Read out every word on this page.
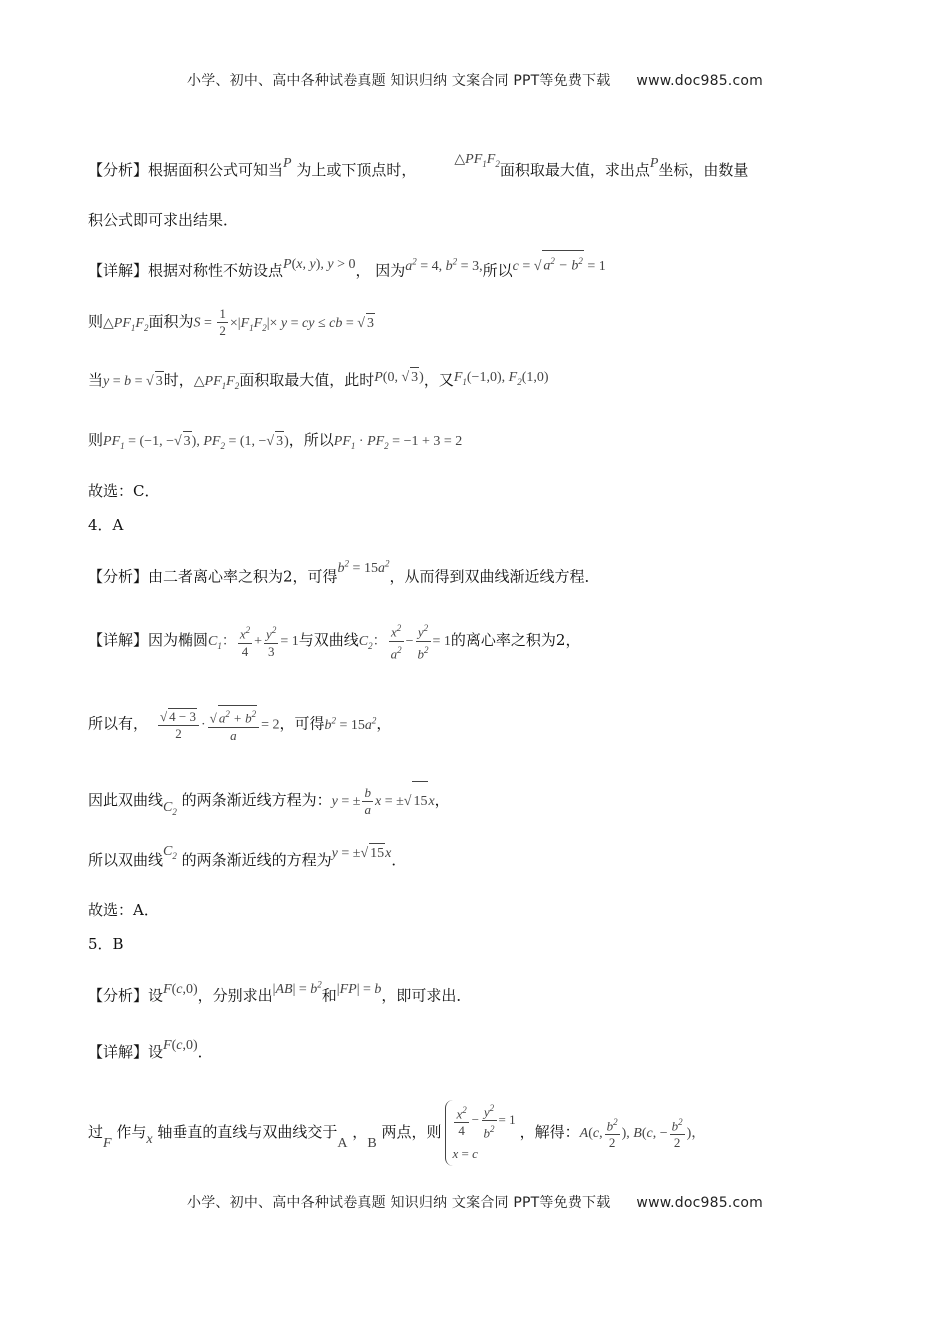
小学、初中、高中各种试卷真题 知识归纳 文案合同 PPT等免费下载 www.doc985.com
【分析】根据面积公式可知当P 为上或下顶点时，$\triangle PF_1F_2$面积取最大值，求出点P坐标，由数量
积公式即可求出结果．
【详解】根据对称性不妨设点P(x, y), y > 0， 因为$a^2 = 4$, $b^2 = 3$,所以c = √ $a^2 - b^2 = 1$
则$\triangle PF_1F_2$面积为$S = \frac{1}{2} \times|F_1F_2|\times y$ = cy ≤ cb = √ 3
当y = b = √ 3时，$\triangle PF_1F_2$面积取最大值，此时P(0, √ 3)，又$F_1(-1,0)$, $F_2(1,0)$
则$PF_1 = (-1$, −√ 3), $PF_2 = (1$, −√ 3)，所以$PF_1 \cdot PF_2 = -1 + 3 = 2$
故选：C．
4．A
【分析】由二者离心率之积为2，可得$b^2 = 15a^2$，从而得到双曲线渐近线方程．
【详解】因为椭圆$C_1$： $\frac{x^2}{4} + \frac{y^2}{3} = 1$与双曲线$C_2$： $\frac{x^2}{a^2} - \frac{y^2}{b^2} = 1$的离心率之积为2，
所以有， $\frac{√ 4 - 3}{2} \cdot \frac{√ a^2 + b^2}{a} = 2$，可得$b^2 = 15a^2$，
因此双曲线$C_2$ 的两条渐近线方程为：y = ± $\frac{b}{a}$ x = ±√ 15x，
所以双曲线$C_2$ 的两条渐近线的方程为y = ±√ 15x．
故选：A．
5．B
【分析】设F(c,0)，分别求出$|AB| = b^2$和|FP| = b，即可求出．
【详解】设F(c,0)．
过F 作与x 轴垂直的直线与双曲线交于A ，B 两点，则 $\frac{x^2}{4} - \frac{y^2}{b^2} = 1$
x = c
，解得：A(c, $\frac{b^2}{2}$ ), B(c, − $\frac{b^2}{2}$ )，
小学、初中、高中各种试卷真题 知识归纳 文案合同 PPT等免费下载 www.doc985.com
